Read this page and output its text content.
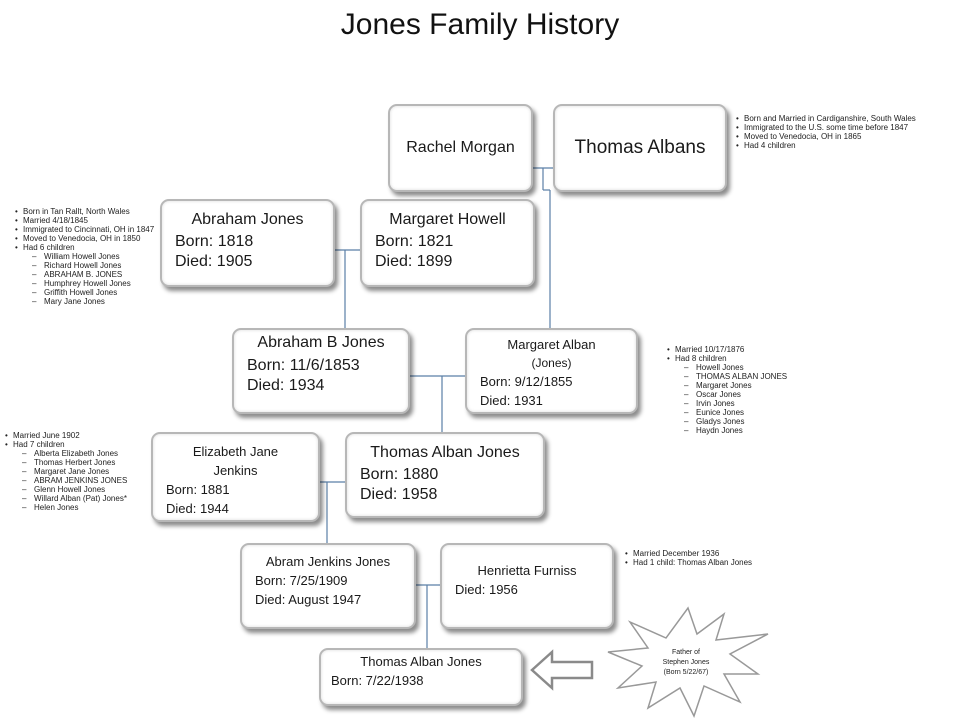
Jones Family History
Rachel Morgan	Thomas Albans
Abraham Jones
Born: 1818
Died: 1905
Margaret Howell
Born: 1821
Died: 1899
Abraham B Jones
Born: 11/6/1853
Died: 1934
Margaret Alban
(Jones)
Born: 9/12/1855
Died: 1931
Elizabeth Jane
Jenkins
Born: 1881
Died: 1944
Thomas Alban Jones
Born: 1880
Died: 1958
Abram Jenkins Jones
Born: 7/25/1909
Died: August 1947
Henrietta Furniss
Died: 1956
Thomas Alban Jones
Born: 7/22/1938
• Born and Married in Cardiganshire, South Wales
• Immigrated to the U.S. some time before 1847
• Moved to Venedocia, OH in 1865
• Had 4 children
• Born in Tan Rallt, North Wales
• Married 4/18/1845
• Immigrated to Cincinnati, OH in 1847
• Moved to Venedocia, OH in 1850
• Had 6 children
– William Howell Jones
– Richard Howell Jones
– ABRAHAM B. JONES
– Humphrey Howell Jones
– Griffith Howell Jones
– Mary Jane Jones
• Married 10/17/1876
• Had 8 children
– Howell Jones
– THOMAS ALBAN JONES
– Margaret Jones
– Oscar Jones
– Irvin Jones
– Eunice Jones
– Gladys Jones
– Haydn Jones
• Married June 1902
• Had 7 children
– Alberta Elizabeth Jones
– Thomas Herbert Jones
– Margaret Jane Jones
– ABRAM JENKINS JONES
– Glenn Howell Jones
– Willard Alban (Pat) Jones*
– Helen Jones
• Married December 1936
• Had 1 child: Thomas Alban Jones
Father of
Stephen Jones
(Born 5/22/67)
